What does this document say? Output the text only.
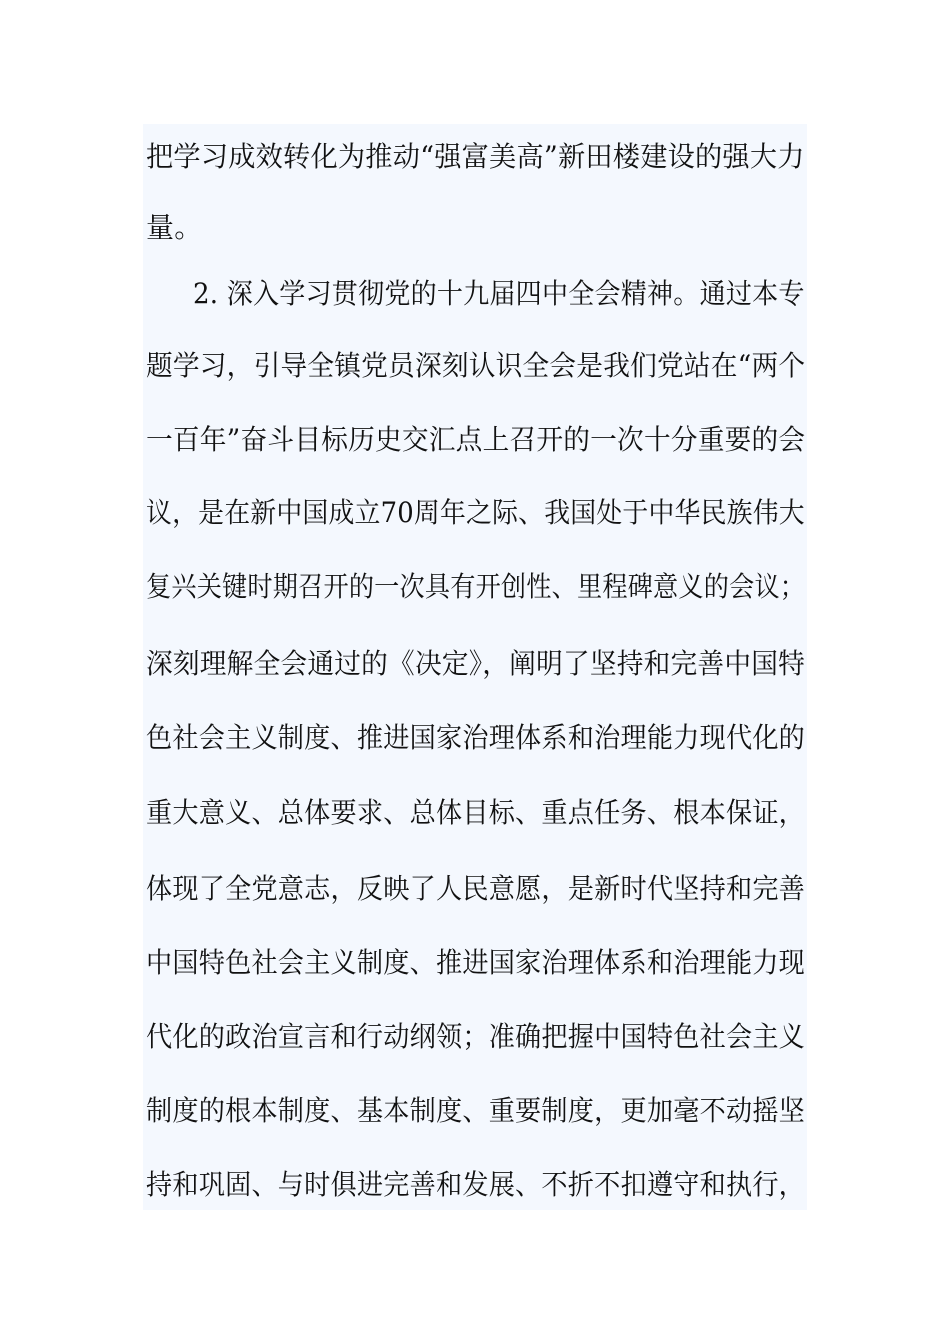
把学习成效转化为推动“强富美高”新田楼建设的强大力
量。
2. 深入学习贯彻党的十九届四中全会精神。通过本专
题学习，引导全镇党员深刻认识全会是我们党站在“两个
一百年”奋斗目标历史交汇点上召开的一次十分重要的会
议，是在新中国成立70周年之际、我国处于中华民族伟大
复兴关键时期召开的一次具有开创性、里程碑意义的会议；
深刻理解全会通过的《决定》，阐明了坚持和完善中国特
色社会主义制度、推进国家治理体系和治理能力现代化的
重大意义、总体要求、总体目标、重点任务、根本保证，
体现了全党意志，反映了人民意愿，是新时代坚持和完善
中国特色社会主义制度、推进国家治理体系和治理能力现
代化的政治宣言和行动纲领；准确把握中国特色社会主义
制度的根本制度、基本制度、重要制度，更加毫不动摇坚
持和巩固、与时俱进完善和发展、不折不扣遵守和执行，
